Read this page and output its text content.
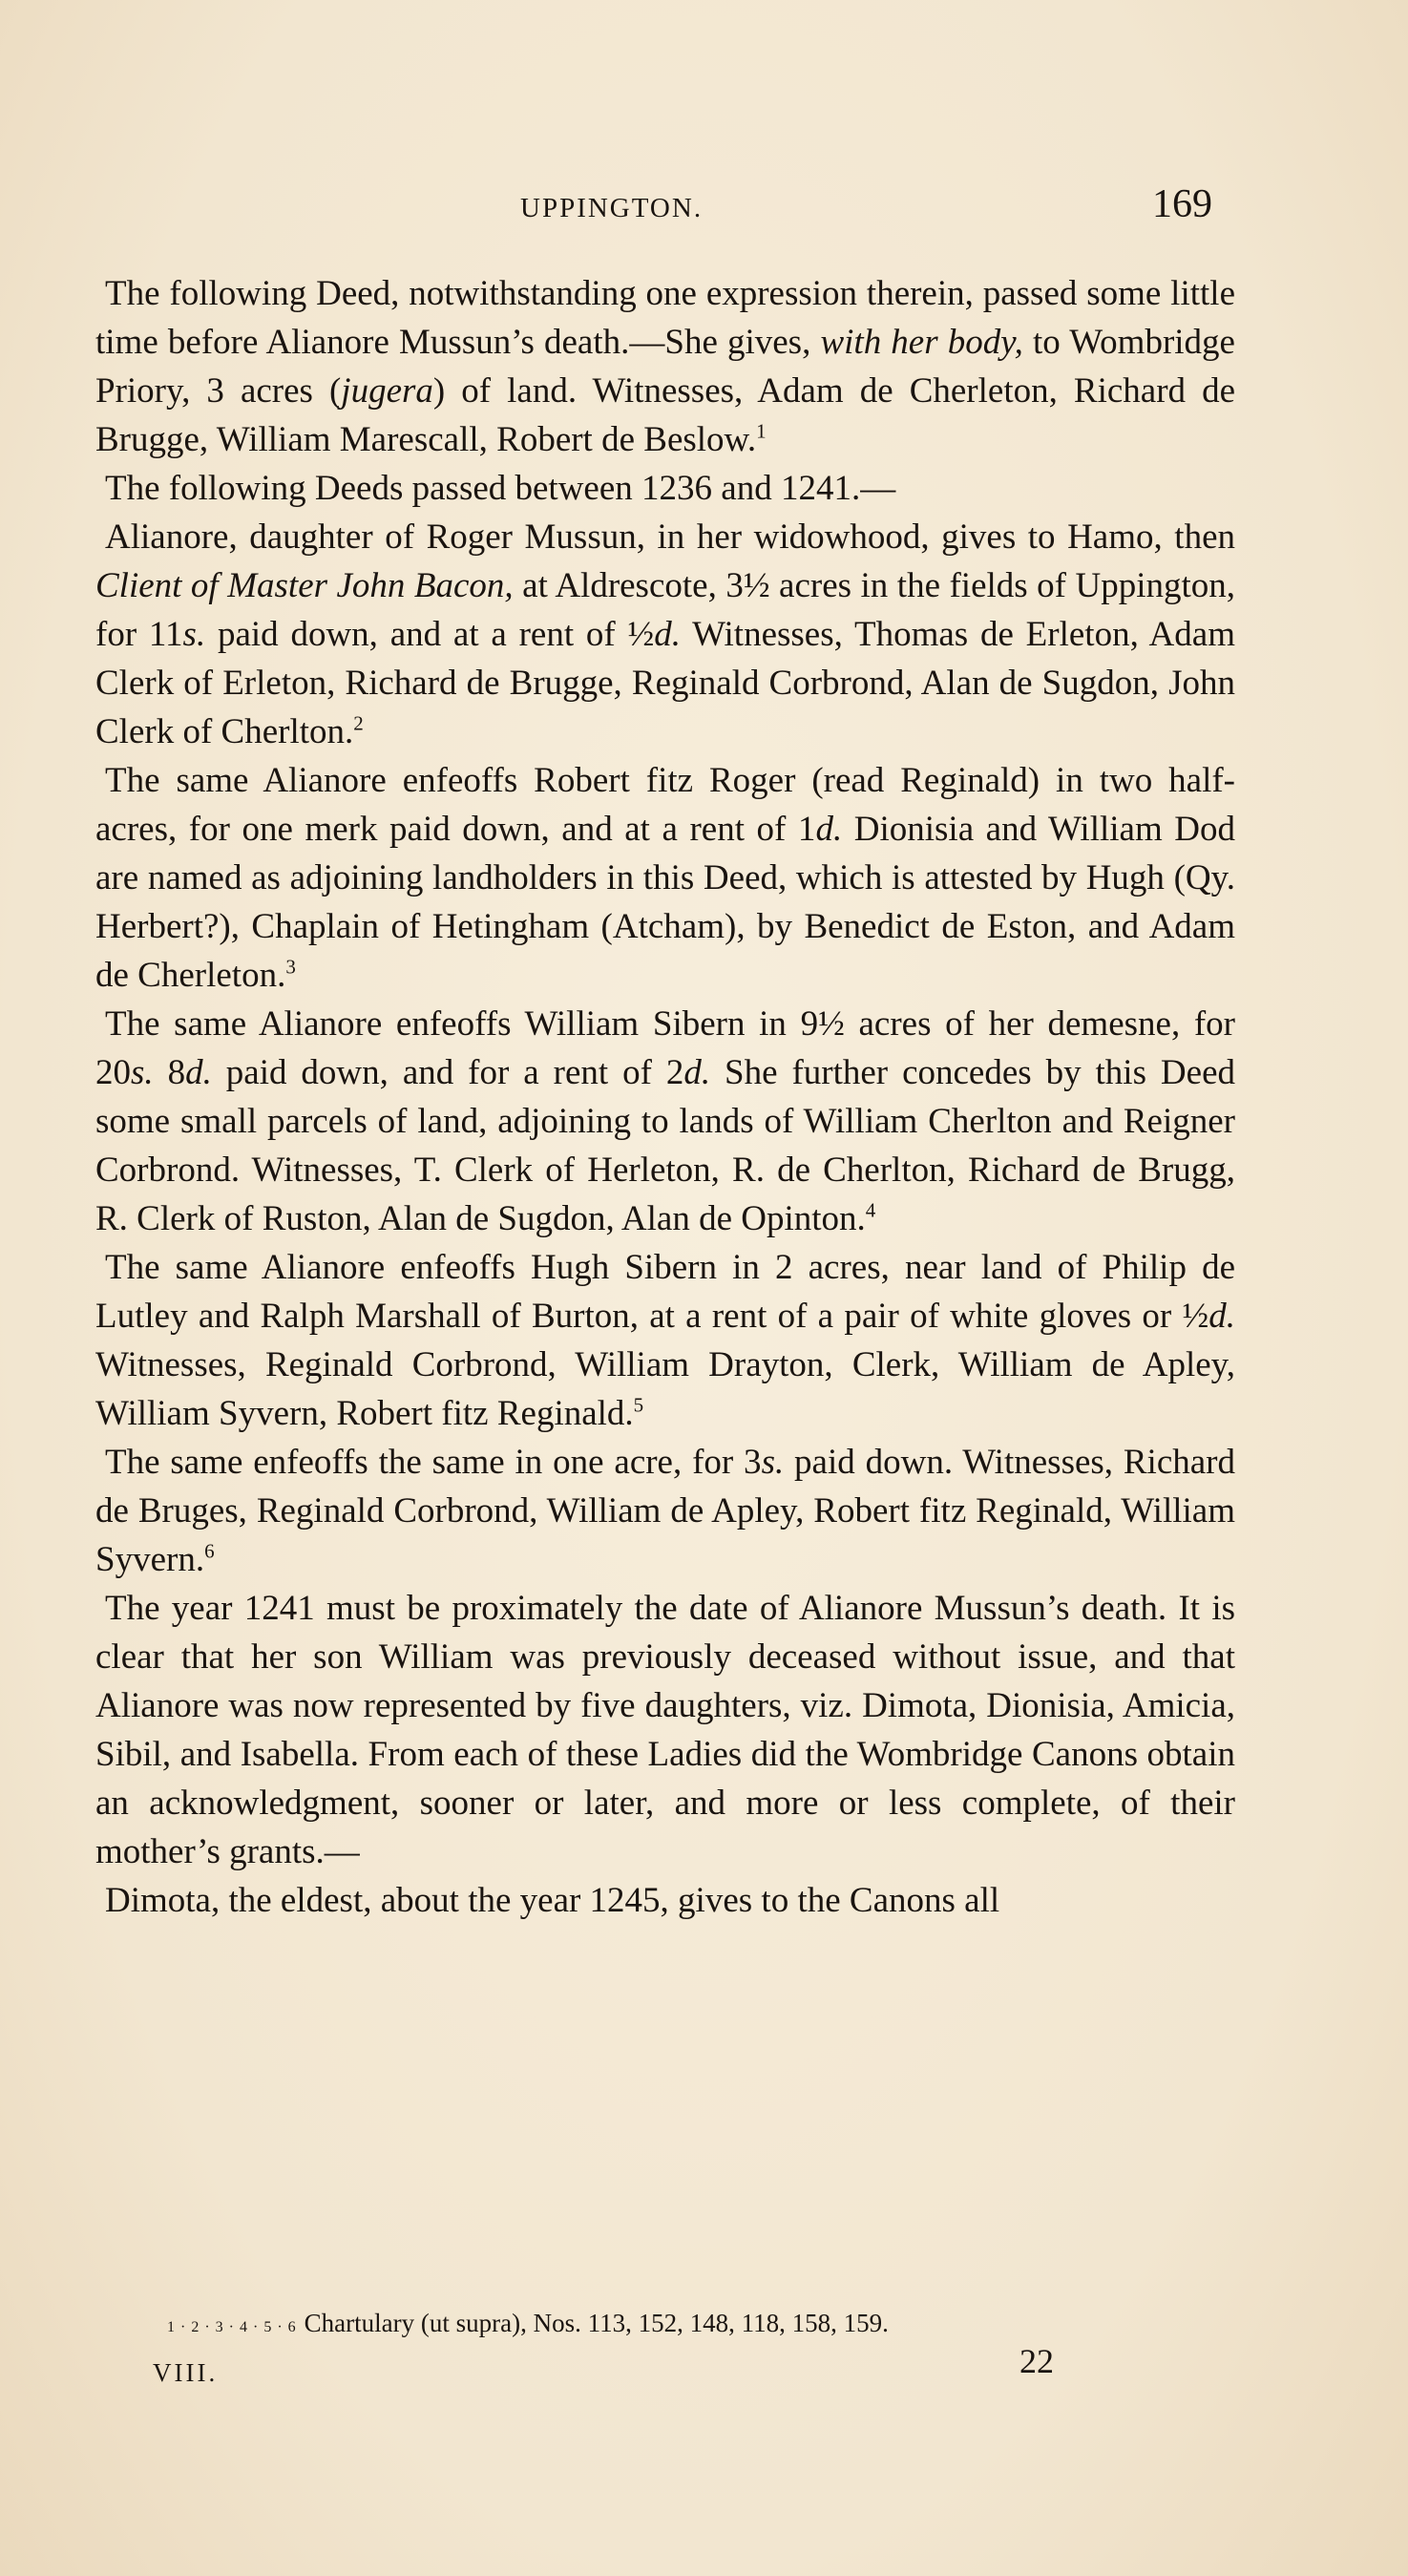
UPPINGTON.	169

The following Deed, notwithstanding one expression therein, passed some little time before Alianore Mussun’s death.—She gives, with her body, to Wombridge Priory, 3 acres (jugera) of land. Witnesses, Adam de Cherleton, Richard de Brugge, William Marescall, Robert de Beslow.$^1$

The following Deeds passed between 1236 and 1241.—

Alianore, daughter of Roger Mussun, in her widowhood, gives to Hamo, then Client of Master John Bacon, at Aldrescote, 3½ acres in the fields of Uppington, for 11s. paid down, and at a rent of ½d. Witnesses, Thomas de Erleton, Adam Clerk of Erleton, Richard de Brugge, Reginald Corbrond, Alan de Sugdon, John Clerk of Cherlton.$^2$

The same Alianore enfeoffs Robert fitz Roger (read Reginald) in two half-acres, for one merk paid down, and at a rent of 1d. Dionisia and William Dod are named as adjoining landholders in this Deed, which is attested by Hugh (Qy. Herbert?), Chaplain of Hetingham (Atcham), by Benedict de Eston, and Adam de Cherleton.$^3$

The same Alianore enfeoffs William Sibern in 9½ acres of her demesne, for 20s. 8d. paid down, and for a rent of 2d. She further concedes by this Deed some small parcels of land, adjoining to lands of William Cherlton and Reigner Corbrond. Witnesses, T. Clerk of Herleton, R. de Cherlton, Richard de Brugg, R. Clerk of Ruston, Alan de Sugdon, Alan de Opinton.$^4$

The same Alianore enfeoffs Hugh Sibern in 2 acres, near land of Philip de Lutley and Ralph Marshall of Burton, at a rent of a pair of white gloves or ½d. Witnesses, Reginald Corbrond, William Drayton, Clerk, William de Apley, William Syvern, Robert fitz Reginald.$^5$

The same enfeoffs the same in one acre, for 3s. paid down. Witnesses, Richard de Bruges, Reginald Corbrond, William de Apley, Robert fitz Reginald, William Syvern.$^6$

The year 1241 must be proximately the date of Alianore Mussun’s death. It is clear that her son William was previously deceased without issue, and that Alianore was now represented by five daughters, viz. Dimota, Dionisia, Amicia, Sibil, and Isabella. From each of these Ladies did the Wombridge Canons obtain an acknowledgment, sooner or later, and more or less complete, of their mother’s grants.—

Dimota, the eldest, about the year 1245, gives to the Canons all

1 · 2 · 3 · 4 · 5 · 6 Chartulary (ut supra), Nos. 113, 152, 148, 118, 158, 159.
VIII.	22
